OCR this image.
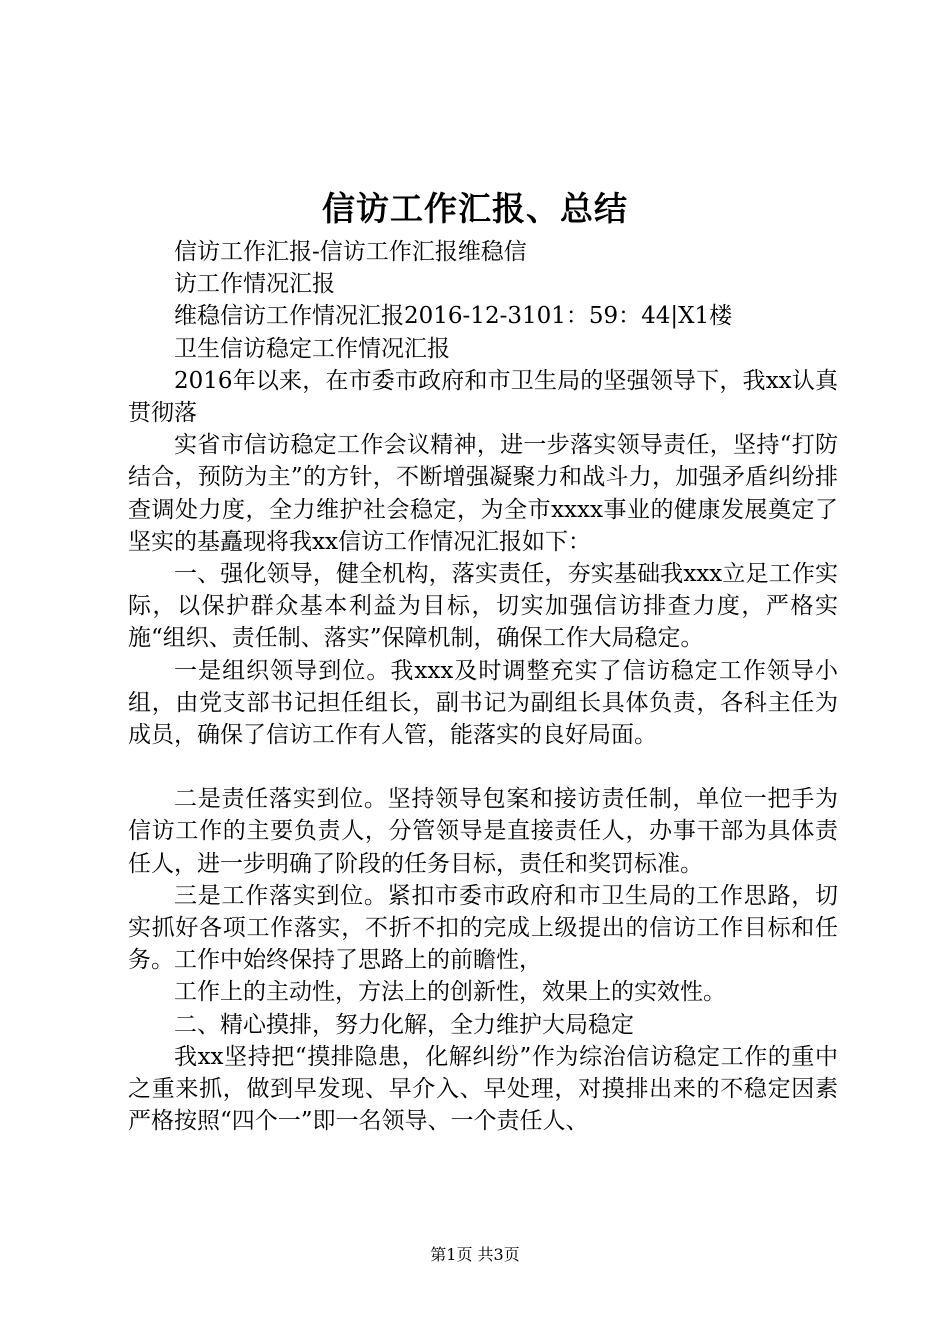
信访工作汇报、总结

信访工作汇报-信访工作汇报维稳信

访工作情况汇报

维稳信访工作情况汇报2016-12-3101：59：44|X1楼

卫生信访稳定工作情况汇报

2016年以来，在市委市政府和市卫生局的坚强领导下，我xx认真贯彻落

实省市信访稳定工作会议精神，进一步落实领导责任，坚持“打防结合，预防为主”的方针，不断增强凝聚力和战斗力，加强矛盾纠纷排查调处力度，全力维护社会稳定，为全市xxxx事业的健康发展奠定了坚实的基矗现将我xx信访工作情况汇报如下：

一、强化领导，健全机构，落实责任，夯实基础我xxx立足工作实际，以保护群众基本利益为目标，切实加强信访排查力度，严格实施“组织、责任制、落实”保障机制，确保工作大局稳定。

一是组织领导到位。我xxx及时调整充实了信访稳定工作领导小组，由党支部书记担任组长，副书记为副组长具体负责，各科主任为成员，确保了信访工作有人管，能落实的良好局面。

二是责任落实到位。坚持领导包案和接访责任制，单位一把手为信访工作的主要负责人，分管领导是直接责任人，办事干部为具体责任人，进一步明确了阶段的任务目标，责任和奖罚标准。

三是工作落实到位。紧扣市委市政府和市卫生局的工作思路，切实抓好各项工作落实，不折不扣的完成上级提出的信访工作目标和任务。工作中始终保持了思路上的前瞻性，

工作上的主动性，方法上的创新性，效果上的实效性。

二、精心摸排，努力化解，全力维护大局稳定

我xx坚持把“摸排隐患，化解纠纷”作为综治信访稳定工作的重中之重来抓，做到早发现、早介入、早处理，对摸排出来的不稳定因素严格按照“四个一”即一名领导、一个责任人、

第1页 共3页
